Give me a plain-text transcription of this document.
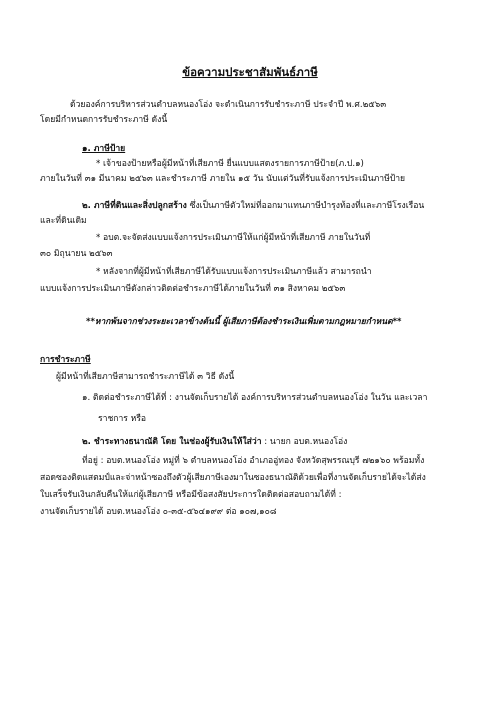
ข้อความประชาสัมพันธ์ภาษี
ด้วยองค์การบริหารส่วนตำบลหนองโอ่ง จะดำเนินการรับชำระภาษี ประจำปี พ.ศ.๒๕๖๓
โดยมีกำหนดการรับชำระภาษี ดังนี้
๑. ภาษีป้าย
* เจ้าของป้ายหรือผู้มีหน้าที่เสียภาษี ยื่นแบบแสดงรายการภาษีป้าย(ภ.ป.๑)
ภายในวันที่ ๓๑ มีนาคม ๒๕๖๓ และชำระภาษี ภายใน ๑๕ วัน นับแต่วันที่รับแจ้งการประเมินภาษีป้าย
๒. ภาษีที่ดินและสิ่งปลูกสร้าง ซึ่งเป็นภาษีตัวใหม่ที่ออกมาแทนภาษีบำรุงท้องที่และภาษีโรงเรือน
และที่ดินเดิม
* อบต.จะจัดส่งแบบแจ้งการประเมินภาษีให้แก่ผู้มีหน้าที่เสียภาษี ภายในวันที่
๓๐ มิถุนายน ๒๕๖๓
* หลังจากที่ผู้มีหน้าที่เสียภาษีได้รับแบบแจ้งการประเมินภาษีแล้ว สามารถนำ
แบบแจ้งการประเมินภาษีดังกล่าวติดต่อชำระภาษีได้ภายในวันที่ ๓๑ สิงหาคม ๒๕๖๓
**หากพ้นจากช่วงระยะเวลาข้างต้นนี้ ผู้เสียภาษีต้องชำระเงินเพิ่มตามกฎหมายกำหนด**
การชำระภาษี
ผู้มีหน้าที่เสียภาษีสามารถชำระภาษีได้ ๓ วิธี ดังนี้
๑. ติดต่อชำระภาษีได้ที่ : งานจัดเก็บรายได้ องค์การบริหารส่วนตำบลหนองโอ่ง ในวัน และเวลา
ราชการ หรือ
๒. ชำระทางธนาณัติ โดย ในช่องผู้รับเงินให้ใส่ว่า : นายก อบต.หนองโอ่ง
ที่อยู่ : อบต.หนองโอ่ง หมู่ที่ ๖ ตำบลหนองโอ่ง อำเภออู่ทอง จังหวัดสุพรรณบุรี ๗๒๑๖๐ พร้อมทั้ง
สอดซองติดแสตมป์และจ่าหน้าซองถึงตัวผู้เสียภาษีเองมาในซองธนาณัติด้วยเพื่อที่งานจัดเก็บรายได้จะได้ส่ง
ใบเสร็จรับเงินกลับคืนให้แก่ผู้เสียภาษี หรือมีข้อสงสัยประการใดติดต่อสอบถามได้ที่ :
งานจัดเก็บรายได้ อบต.หนองโอ่ง ๐-๓๕-๕๖๔๑๙๙ ต่อ ๑๐๗,๑๐๘
